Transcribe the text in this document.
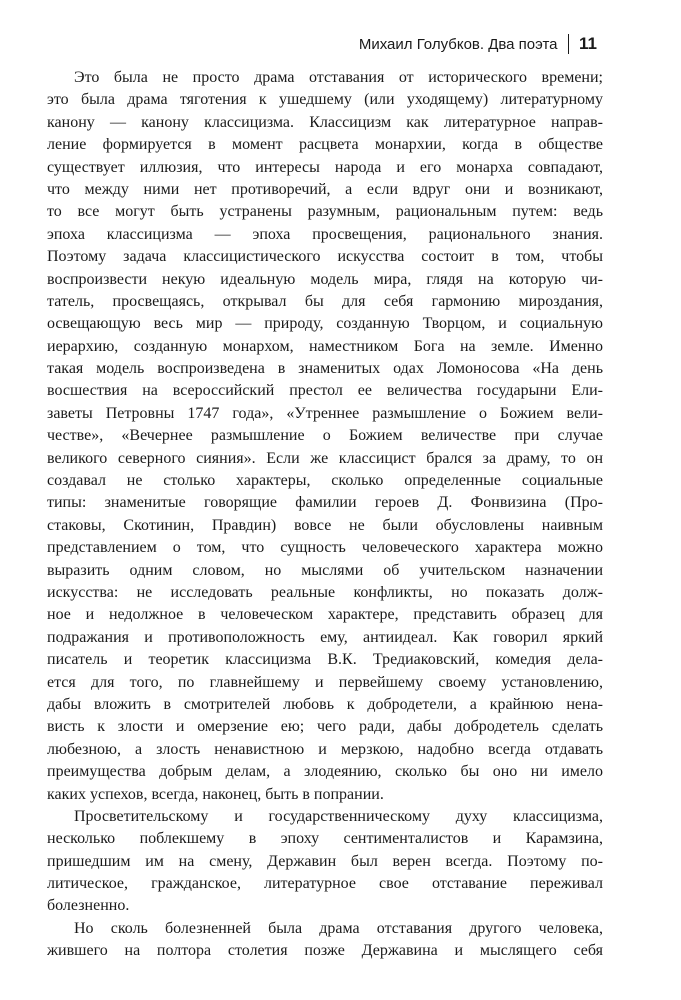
Михаил Голубков. Два поэта 11
Это была не просто драма отставания от исторического времени;
это была драма тяготения к ушедшему (или уходящему) литературному
канону — канону классицизма. Классицизм как литературное направ-
ление формируется в момент расцвета монархии, когда в обществе
существует иллюзия, что интересы народа и его монарха совпадают,
что между ними нет противоречий, а если вдруг они и возникают,
то все могут быть устранены разумным, рациональным путем: ведь
эпоха классицизма — эпоха просвещения, рационального знания.
Поэтому задача классицистического искусства состоит в том, чтобы
воспроизвести некую идеальную модель мира, глядя на которую чи-
татель, просвещаясь, открывал бы для себя гармонию мироздания,
освещающую весь мир — природу, созданную Творцом, и социальную
иерархию, созданную монархом, наместником Бога на земле. Именно
такая модель воспроизведена в знаменитых одах Ломоносова «На день
восшествия на всероссийский престол ее величества государыни Ели-
заветы Петровны 1747 года», «Утреннее размышление о Божием вели-
честве», «Вечернее размышление о Божием величестве при случае
великого северного сияния». Если же классицист брался за драму, то он
создавал не столько характеры, сколько определенные социальные
типы: знаменитые говорящие фамилии героев Д. Фонвизина (Про-
стаковы, Скотинин, Правдин) вовсе не были обусловлены наивным
представлением о том, что сущность человеческого характера можно
выразить одним словом, но мыслями об учительском назначении
искусства: не исследовать реальные конфликты, но показать долж-
ное и недолжное в человеческом характере, представить образец для
подражания и противоположность ему, антиидеал. Как говорил яркий
писатель и теоретик классицизма В.К. Тредиаковский, комедия дела-
ется для того, по главнейшему и первейшему своему установлению,
дабы вложить в смотрителей любовь к добродетели, а крайнюю нена-
висть к злости и омерзение ею; чего ради, дабы добродетель сделать
любезною, а злость ненавистною и мерзкою, надобно всегда отдавать
преимущества добрым делам, а злодеянию, сколько бы оно ни имело
каких успехов, всегда, наконец, быть в попрании.
Просветительскому и государственническому духу классицизма,
несколько поблекшему в эпоху сентименталистов и Карамзина,
пришедшим им на смену, Державин был верен всегда. Поэтому по-
литическое, гражданское, литературное свое отставание переживал
болезненно.
Но сколь болезненней была драма отставания другого человека,
жившего на полтора столетия позже Державина и мыслящего себя
